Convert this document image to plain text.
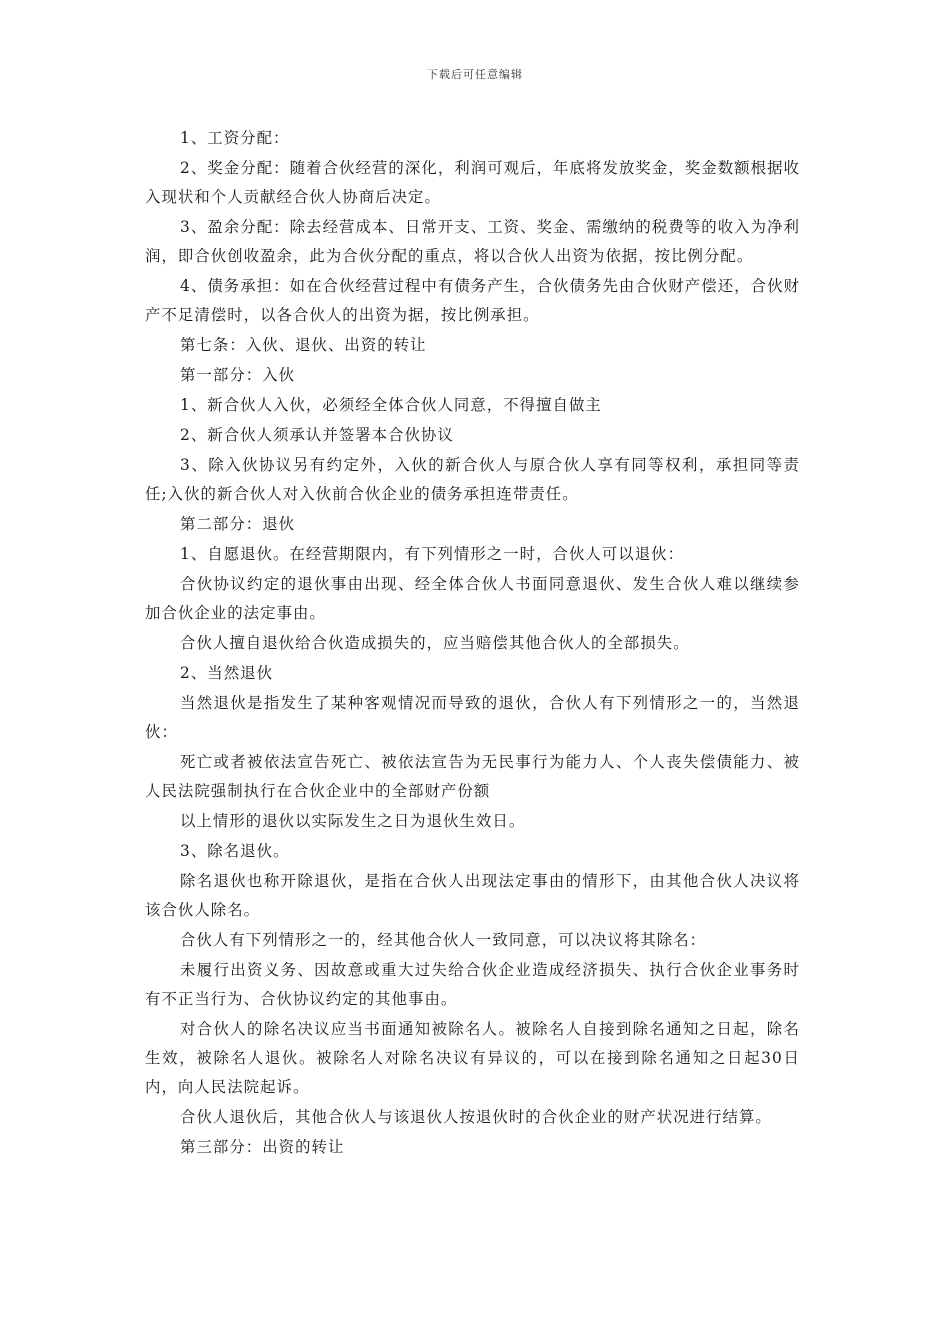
下载后可任意编辑

1、工资分配：

2、奖金分配：随着合伙经营的深化，利润可观后，年底将发放奖金，奖金数额根据收入现状和个人贡献经合伙人协商后决定。

3、盈余分配：除去经营成本、日常开支、工资、奖金、需缴纳的税费等的收入为净利润，即合伙创收盈余，此为合伙分配的重点，将以合伙人出资为依据，按比例分配。

4、债务承担：如在合伙经营过程中有债务产生，合伙债务先由合伙财产偿还，合伙财产不足清偿时，以各合伙人的出资为据，按比例承担。

第七条：入伙、退伙、出资的转让

第一部分：入伙

1、新合伙人入伙，必须经全体合伙人同意，不得擅自做主

2、新合伙人须承认并签署本合伙协议

3、除入伙协议另有约定外，入伙的新合伙人与原合伙人享有同等权利，承担同等责任;入伙的新合伙人对入伙前合伙企业的债务承担连带责任。

第二部分：退伙

1、自愿退伙。在经营期限内，有下列情形之一时，合伙人可以退伙：

合伙协议约定的退伙事由出现、经全体合伙人书面同意退伙、发生合伙人难以继续参加合伙企业的法定事由。

合伙人擅自退伙给合伙造成损失的，应当赔偿其他合伙人的全部损失。

2、当然退伙

当然退伙是指发生了某种客观情况而导致的退伙，合伙人有下列情形之一的，当然退伙：

死亡或者被依法宣告死亡、被依法宣告为无民事行为能力人、个人丧失偿债能力、被人民法院强制执行在合伙企业中的全部财产份额

以上情形的退伙以实际发生之日为退伙生效日。

3、除名退伙。

除名退伙也称开除退伙，是指在合伙人出现法定事由的情形下，由其他合伙人决议将该合伙人除名。

合伙人有下列情形之一的，经其他合伙人一致同意，可以决议将其除名：

未履行出资义务、因故意或重大过失给合伙企业造成经济损失、执行合伙企业事务时有不正当行为、合伙协议约定的其他事由。

对合伙人的除名决议应当书面通知被除名人。被除名人自接到除名通知之日起，除名生效，被除名人退伙。被除名人对除名决议有异议的，可以在接到除名通知之日起30日内，向人民法院起诉。

合伙人退伙后，其他合伙人与该退伙人按退伙时的合伙企业的财产状况进行结算。

第三部分：出资的转让
